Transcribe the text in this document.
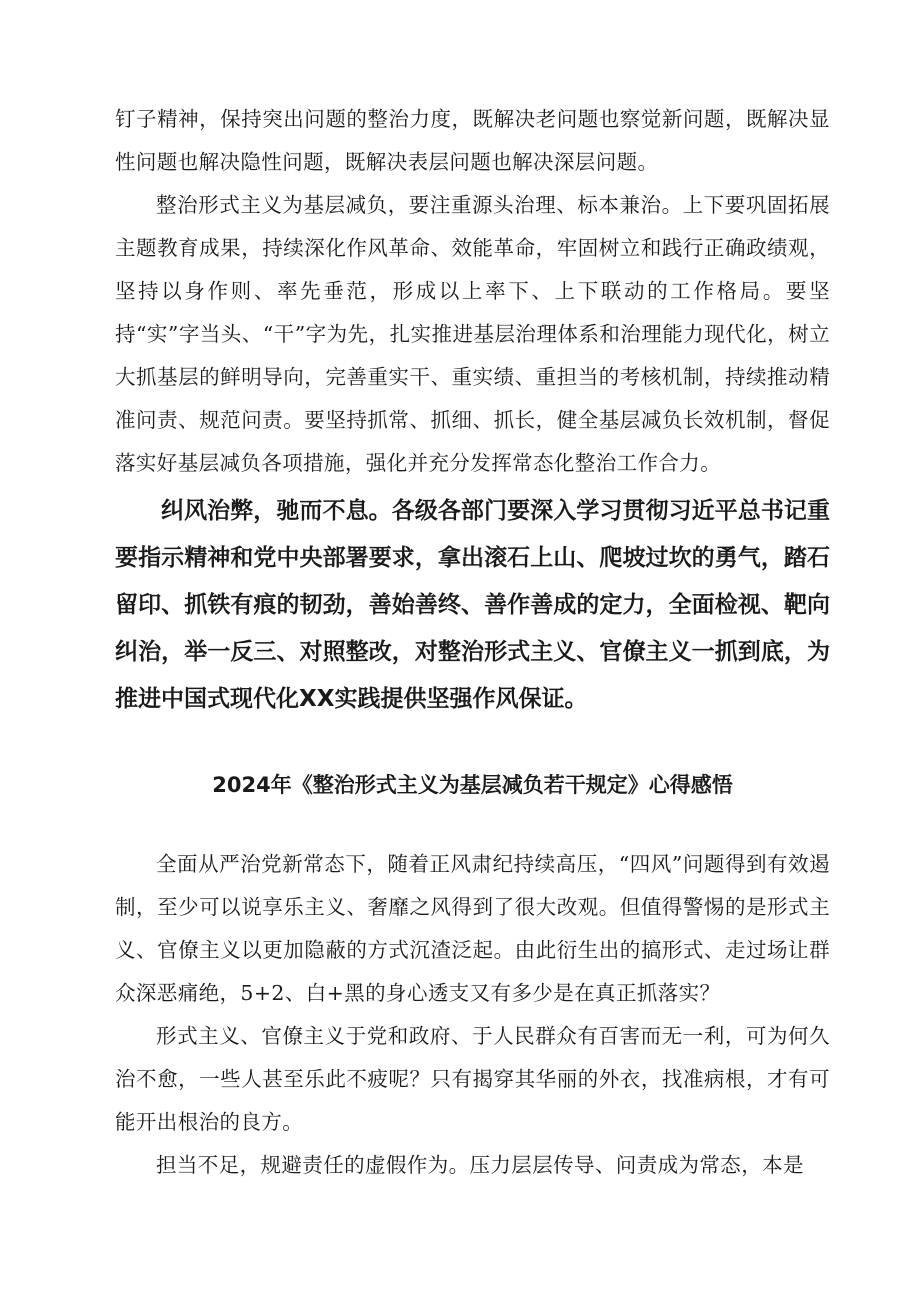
钉子精神，保持突出问题的整治力度，既解决老问题也察觉新问题，既解决显性问题也解决隐性问题，既解决表层问题也解决深层问题。

整治形式主义为基层减负，要注重源头治理、标本兼治。上下要巩固拓展主题教育成果，持续深化作风革命、效能革命，牢固树立和践行正确政绩观，坚持以身作则、率先垂范，形成以上率下、上下联动的工作格局。要坚持“实”字当头、“干”字为先，扎实推进基层治理体系和治理能力现代化，树立大抓基层的鲜明导向，完善重实干、重实绩、重担当的考核机制，持续推动精准问责、规范问责。要坚持抓常、抓细、抓长，健全基层减负长效机制，督促落实好基层减负各项措施，强化并充分发挥常态化整治工作合力。

纠风治弊，驰而不息。各级各部门要深入学习贯彻习近平总书记重要指示精神和党中央部署要求，拿出滚石上山、爬坡过坎的勇气，踏石留印、抓铁有痕的韧劲，善始善终、善作善成的定力，全面检视、靶向纠治，举一反三、对照整改，对整治形式主义、官僚主义一抓到底，为推进中国式现代化XX实践提供坚强作风保证。

2024年《整治形式主义为基层减负若干规定》心得感悟

全面从严治党新常态下，随着正风肃纪持续高压，“四风”问题得到有效遏制，至少可以说享乐主义、奢靡之风得到了很大改观。但值得警惕的是形式主义、官僚主义以更加隐蔽的方式沉渣泛起。由此衍生出的搞形式、走过场让群众深恶痛绝，5+2、白+黑的身心透支又有多少是在真正抓落实？

形式主义、官僚主义于党和政府、于人民群众有百害而无一利，可为何久治不愈，一些人甚至乐此不疲呢？只有揭穿其华丽的外衣，找准病根，才有可能开出根治的良方。

担当不足，规避责任的虚假作为。压力层层传导、问责成为常态，本是
